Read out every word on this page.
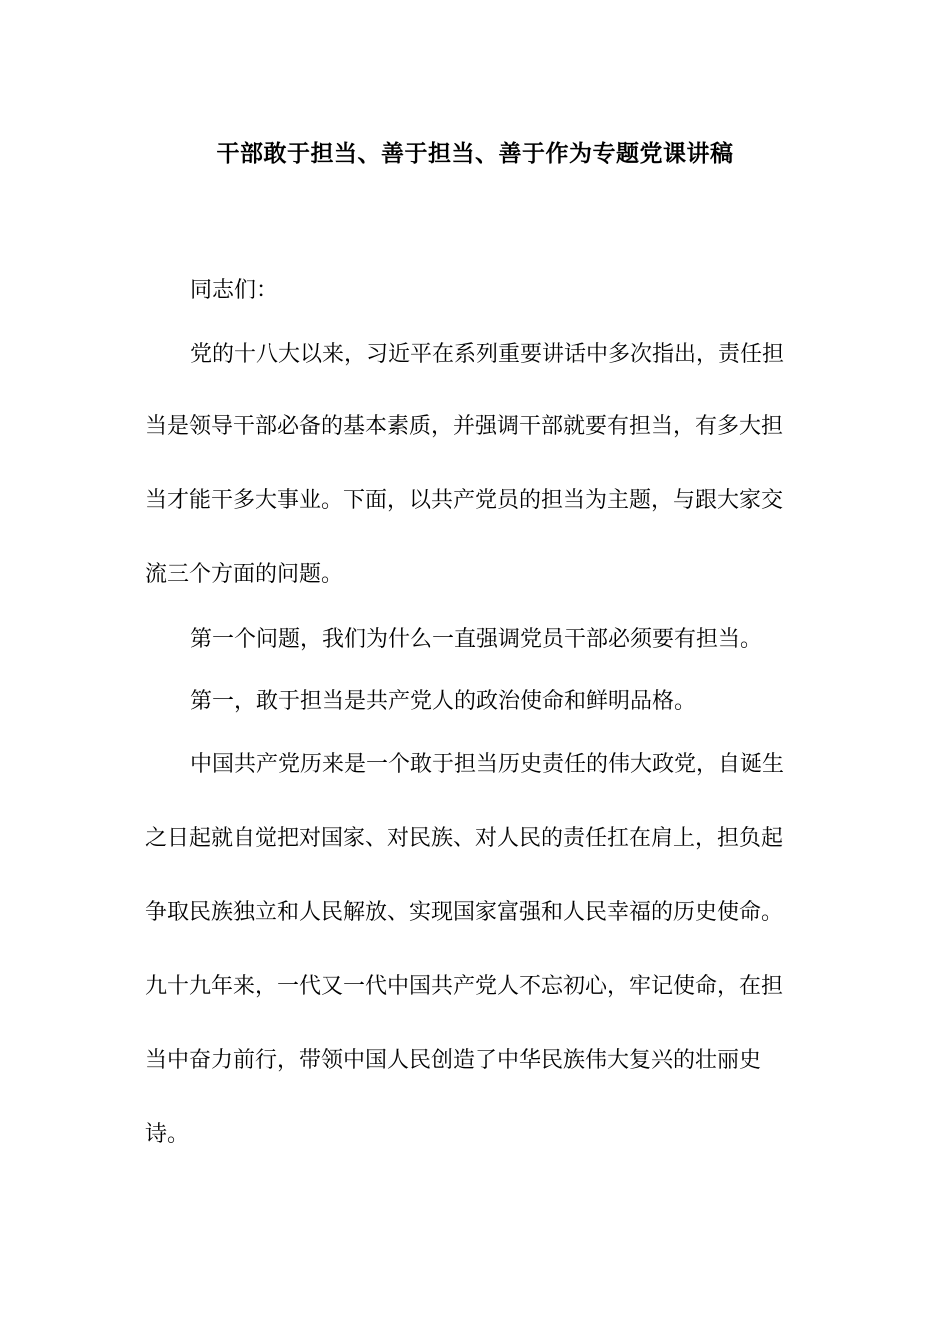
干部敢于担当、善于担当、善于作为专题党课讲稿
同志们：
党的十八大以来，习近平在系列重要讲话中多次指出，责任担
当是领导干部必备的基本素质，并强调干部就要有担当，有多大担
当才能干多大事业。下面，以共产党员的担当为主题，与跟大家交
流三个方面的问题。
第一个问题，我们为什么一直强调党员干部必须要有担当。
第一，敢于担当是共产党人的政治使命和鲜明品格。
中国共产党历来是一个敢于担当历史责任的伟大政党，自诞生
之日起就自觉把对国家、对民族、对人民的责任扛在肩上，担负起
争取民族独立和人民解放、实现国家富强和人民幸福的历史使命。
九十九年来，一代又一代中国共产党人不忘初心，牢记使命，在担
当中奋力前行，带领中国人民创造了中华民族伟大复兴的壮丽史
诗。
